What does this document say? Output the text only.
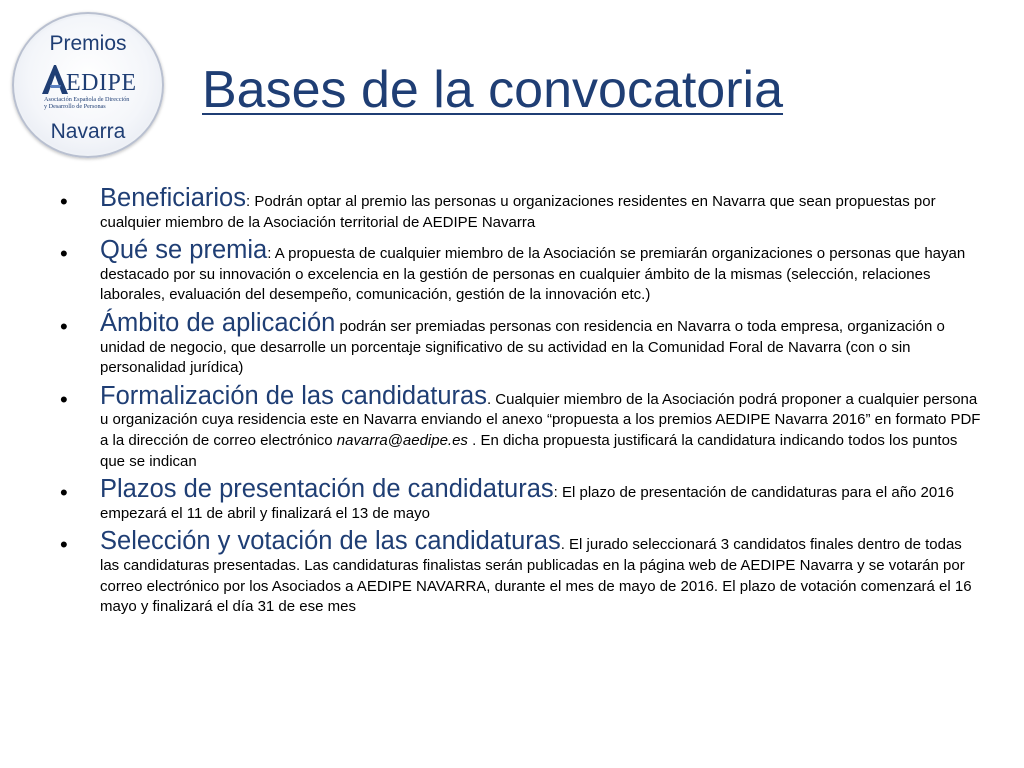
Premios
EDIPE
Asociación Española de Dirección
y Desarrollo de Personas
Navarra
Bases de la convocatoria
• Beneficiarios: Podrán optar al premio las personas u organizaciones residentes en Navarra que sean propuestas por cualquier miembro de la Asociación territorial de AEDIPE Navarra
• Qué se premia: A propuesta de cualquier miembro de la Asociación se premiarán organizaciones o personas que hayan destacado por su innovación o excelencia en la gestión de personas en cualquier ámbito de la mismas (selección, relaciones laborales, evaluación del desempeño, comunicación, gestión de la innovación etc.)
• Ámbito de aplicación podrán ser premiadas personas con residencia en Navarra o toda empresa, organización o unidad de negocio, que desarrolle un porcentaje significativo de su actividad en la Comunidad Foral de Navarra (con o sin personalidad jurídica)
• Formalización de las candidaturas. Cualquier miembro de la Asociación podrá proponer a cualquier persona u organización cuya residencia este en Navarra enviando el anexo “propuesta a los premios AEDIPE Navarra 2016” en formato PDF a la dirección de correo electrónico navarra@aedipe.es . En dicha propuesta justificará la candidatura indicando todos los puntos que se indican
• Plazos de presentación de candidaturas: El plazo de presentación de candidaturas para el año 2016 empezará el 11 de abril y finalizará el 13 de mayo
• Selección y votación de las candidaturas. El jurado seleccionará 3 candidatos finales dentro de todas las candidaturas presentadas. Las candidaturas finalistas serán publicadas en la página web de AEDIPE Navarra y se votarán por correo electrónico por los Asociados a AEDIPE NAVARRA, durante el mes de mayo de 2016. El plazo de votación comenzará el 16 mayo y finalizará el día 31 de ese mes
